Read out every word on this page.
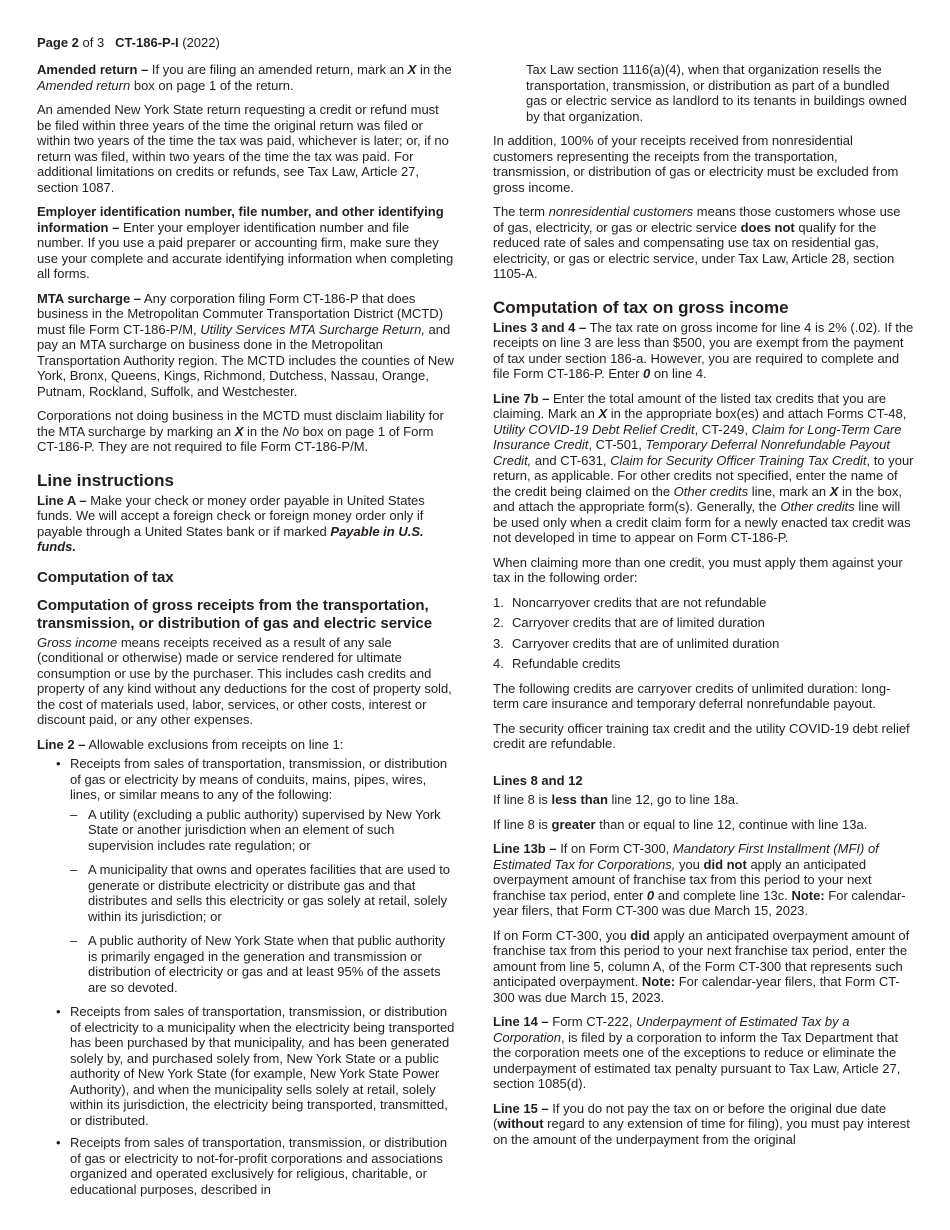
Page 2 of 3   CT-186-P-I (2022)

Amended return – If you are filing an amended return, mark an X in the Amended return box on page 1 of the return.

An amended New York State return requesting a credit or refund must be filed within three years of the time the original return was filed or within two years of the time the tax was paid, whichever is later; or, if no return was filed, within two years of the time the tax was paid. For additional limitations on credits or refunds, see Tax Law, Article 27, section 1087.

Employer identification number, file number, and other identifying information – Enter your employer identification number and file number. If you use a paid preparer or accounting firm, make sure they use your complete and accurate identifying information when completing all forms.

MTA surcharge – Any corporation filing Form CT-186-P that does business in the Metropolitan Commuter Transportation District (MCTD) must file Form CT-186-P/M, Utility Services MTA Surcharge Return, and pay an MTA surcharge on business done in the Metropolitan Transportation Authority region. The MCTD includes the counties of New York, Bronx, Queens, Kings, Richmond, Dutchess, Nassau, Orange, Putnam, Rockland, Suffolk, and Westchester.

Corporations not doing business in the MCTD must disclaim liability for the MTA surcharge by marking an X in the No box on page 1 of Form CT-186-P. They are not required to file Form CT-186-P/M.

Line instructions

Line A – Make your check or money order payable in United States funds. We will accept a foreign check or foreign money order only if payable through a United States bank or if marked Payable in U.S. funds.

Computation of tax
Computation of gross receipts from the transportation, transmission, or distribution of gas and electric service

Gross income means receipts received as a result of any sale (conditional or otherwise) made or service rendered for ultimate consumption or use by the purchaser. This includes cash credits and property of any kind without any deductions for the cost of property sold, the cost of materials used, labor, services, or other costs, interest or discount paid, or any other expenses.

Line 2 – Allowable exclusions from receipts on line 1:

• Receipts from sales of transportation, transmission, or distribution of gas or electricity by means of conduits, mains, pipes, wires, lines, or similar means to any of the following:
– A utility (excluding a public authority) supervised by New York State or another jurisdiction when an element of such supervision includes rate regulation; or
– A municipality that owns and operates facilities that are used to generate or distribute electricity or distribute gas and that distributes and sells this electricity or gas solely at retail, solely within its jurisdiction; or
– A public authority of New York State when that public authority is primarily engaged in the generation and transmission or distribution of electricity or gas and at least 95% of the assets are so devoted.
• Receipts from sales of transportation, transmission, or distribution of electricity to a municipality when the electricity being transported has been purchased by that municipality, and has been generated solely by, and purchased solely from, New York State or a public authority of New York State (for example, New York State Power Authority), and when the municipality sells solely at retail, solely within its jurisdiction, the electricity being transported, transmitted, or distributed.
• Receipts from sales of transportation, transmission, or distribution of gas or electricity to not-for-profit corporations and associations organized and operated exclusively for religious, charitable, or educational purposes, described in

Tax Law section 1116(a)(4), when that organization resells the transportation, transmission, or distribution as part of a bundled gas or electric service as landlord to its tenants in buildings owned by that organization.

In addition, 100% of your receipts received from nonresidential customers representing the receipts from the transportation, transmission, or distribution of gas or electricity must be excluded from gross income.

The term nonresidential customers means those customers whose use of gas, electricity, or gas or electric service does not qualify for the reduced rate of sales and compensating use tax on residential gas, electricity, or gas or electric service, under Tax Law, Article 28, section 1105-A.

Computation of tax on gross income

Lines 3 and 4 – The tax rate on gross income for line 4 is 2% (.02). If the receipts on line 3 are less than $500, you are exempt from the payment of tax under section 186-a. However, you are required to complete and file Form CT-186-P. Enter 0 on line 4.

Line 7b – Enter the total amount of the listed tax credits that you are claiming. Mark an X in the appropriate box(es) and attach Forms CT-48, Utility COVID-19 Debt Relief Credit, CT-249, Claim for Long-Term Care Insurance Credit, CT-501, Temporary Deferral Nonrefundable Payout Credit, and CT-631, Claim for Security Officer Training Tax Credit, to your return, as applicable. For other credits not specified, enter the name of the credit being claimed on the Other credits line, mark an X in the box, and attach the appropriate form(s). Generally, the Other credits line will be used only when a credit claim form for a newly enacted tax credit was not developed in time to appear on Form CT-186-P.

When claiming more than one credit, you must apply them against your tax in the following order:

1. Noncarryover credits that are not refundable
2. Carryover credits that are of limited duration
3. Carryover credits that are of unlimited duration
4. Refundable credits

The following credits are carryover credits of unlimited duration: long-term care insurance and temporary deferral nonrefundable payout.

The security officer training tax credit and the utility COVID-19 debt relief credit are refundable.

Lines 8 and 12

If line 8 is less than line 12, go to line 18a.

If line 8 is greater than or equal to line 12, continue with line 13a.

Line 13b – If on Form CT-300, Mandatory First Installment (MFI) of Estimated Tax for Corporations, you did not apply an anticipated overpayment amount of franchise tax from this period to your next franchise tax period, enter 0 and complete line 13c. Note: For calendar-year filers, that Form CT-300 was due March 15, 2023.

If on Form CT-300, you did apply an anticipated overpayment amount of franchise tax from this period to your next franchise tax period, enter the amount from line 5, column A, of the Form CT-300 that represents such anticipated overpayment. Note: For calendar-year filers, that Form CT-300 was due March 15, 2023.

Line 14 – Form CT-222, Underpayment of Estimated Tax by a Corporation, is filed by a corporation to inform the Tax Department that the corporation meets one of the exceptions to reduce or eliminate the underpayment of estimated tax penalty pursuant to Tax Law, Article 27, section 1085(d).

Line 15 – If you do not pay the tax on or before the original due date (without regard to any extension of time for filing), you must pay interest on the amount of the underpayment from the original
